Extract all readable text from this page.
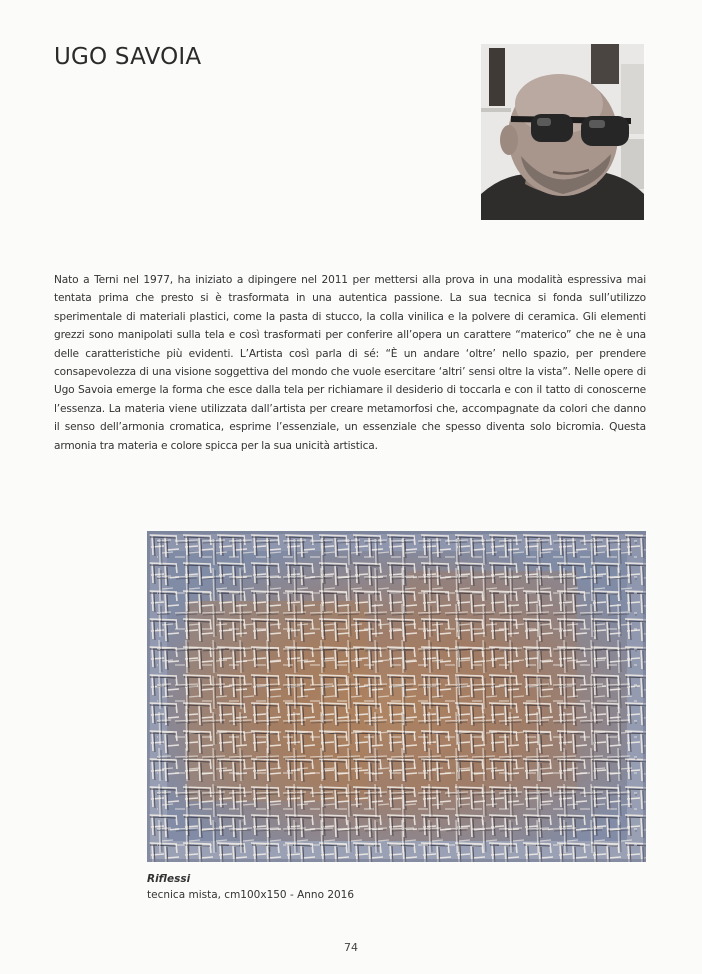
UGO SAVOIA
Nato a Terni nel 1977, ha iniziato a dipingere nel 2011 per mettersi alla prova in una modalità espressiva mai tentata prima che presto si è trasformata in una autentica passione. La sua tecnica si fonda sull’utilizzo sperimentale di materiali plastici, come la pasta di stucco, la colla vinilica e la polvere di ceramica. Gli elementi grezzi sono manipolati sulla tela e così trasformati per conferire all’opera un carattere “materico” che ne è una delle caratteristiche più evidenti. L’Artista così parla di sé: “È un andare ‘oltre’ nello spazio, per prendere consapevolezza di una visione soggettiva del mondo che vuole esercitare ‘altri’ sensi oltre la vista”. Nelle opere di Ugo Savoia emerge la forma che esce dalla tela per richiamare il desiderio di toccarla e con il tatto di conoscerne l’essenza. La materia viene utilizzata dall’artista per creare metamorfosi che, accompagnate da colori che danno il senso dell’armonia cromatica, esprime l’essenziale, un essenziale che spesso diventa solo bicromia. Questa armonia tra materia e colore spicca per la sua unicità artistica.
Riflessi
tecnica mista, cm100x150 - Anno 2016
74
